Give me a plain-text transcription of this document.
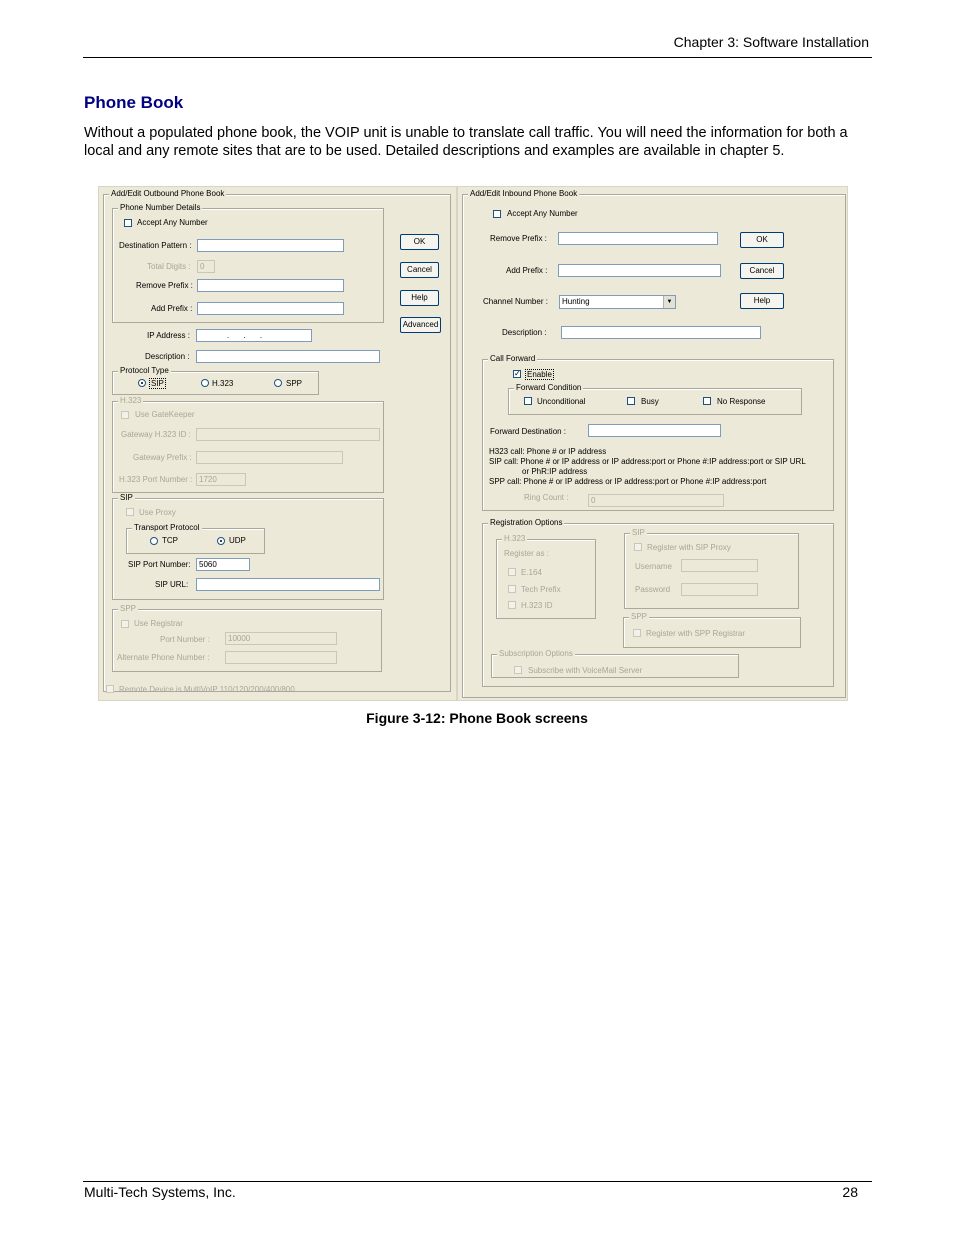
Chapter 3: Software Installation
Phone Book
Without a populated phone book, the VOIP unit is unable to translate call traffic. You will need the information for both a local and any remote sites that are to be used. Detailed descriptions and examples are available in chapter 5.
Add/Edit Outbound Phone Book
Phone Number Details
Accept Any Number
Destination Pattern :
Total Digits :	0
Remove Prefix :
Add Prefix :
OK
Cancel
Help
Advanced
IP Address :	. . .
Description :
Protocol Type
SIP	H.323	SPP
H.323
Use GateKeeper
Gateway H.323 ID :
Gateway Prefix :
H.323 Port Number : 1720
SIP
Use Proxy
Transport Protocol
TCP	UDP
SIP Port Number:	5060
SIP URL:
SPP
Use Registrar
Port Number :	10000
Alternate Phone Number :
Remote Device is MultiVoIP 110/120/200/400/800
Add/Edit Inbound Phone Book
Accept Any Number
Remove Prefix :
Add Prefix :
Channel Number :	Hunting	▼
Description :
OK
Cancel
Help
Call Forward
✓ Enable
Forward Condition
Unconditional	Busy	No Response
Forward Destination :
H323 call: Phone # or IP address
SIP call: Phone # or IP address or IP address:port or Phone #:IP address:port or SIP URL
or PhR:IP address
SPP call: Phone # or IP address or IP address:port or Phone #:IP address:port
Ring Count :	0
Registration Options
H.323
Register as :
E.164
Tech Prefix
H.323 ID
SIP
Register with SIP Proxy
Username
Password
SPP
Register with SPP Registrar
Subscription Options
Subscribe with VoiceMail Server
Figure 3-12: Phone Book screens
Multi-Tech Systems, Inc.	28
